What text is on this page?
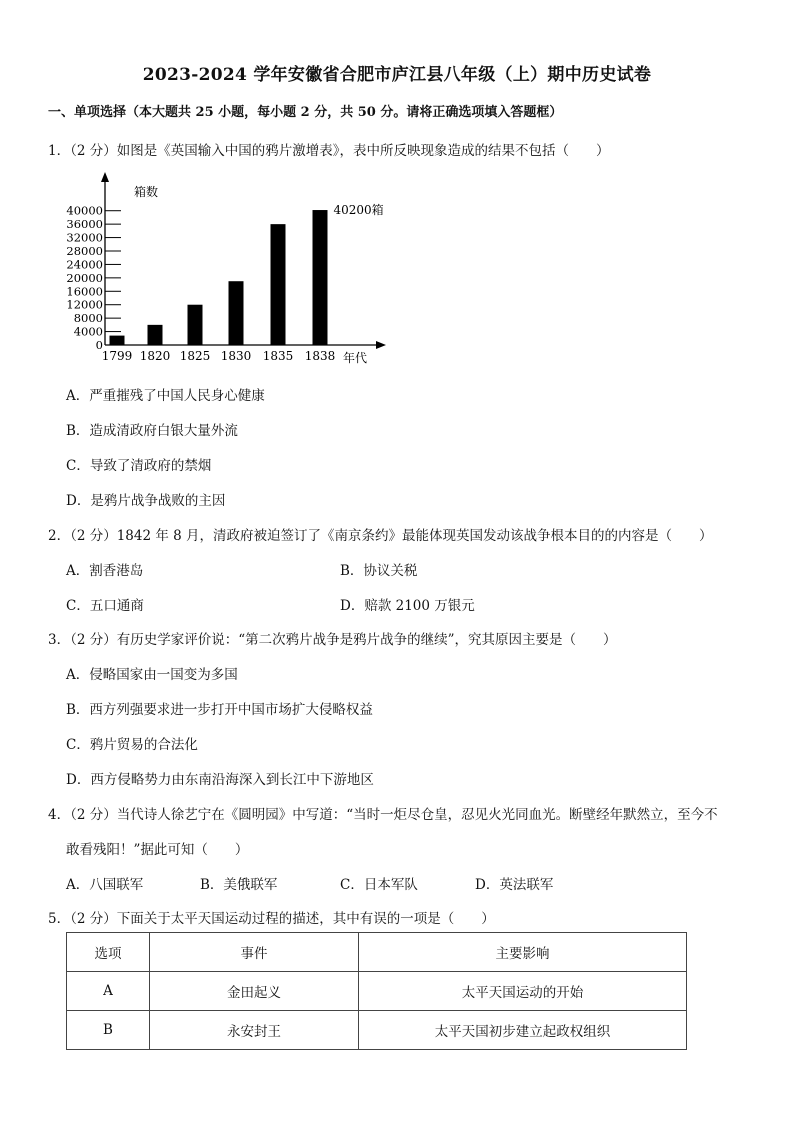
2023-2024 学年安徽省合肥市庐江县八年级（上）期中历史试卷
一、单项选择（本大题共 25 小题，每小题 2 分，共 50 分。请将正确选项填入答题框）
1．（2 分）如图是《英国输入中国的鸦片激增表》，表中所反映现象造成的结果不包括（　　）
0
4000
8000
12000
16000
20000
24000
28000
32000
36000
40000
箱数
1799 1820 1825 1830 1835 1838 年代
40200箱
A．严重摧残了中国人民身心健康
B．造成清政府白银大量外流
C．导致了清政府的禁烟
D．是鸦片战争战败的主因
2．（2 分）1842 年 8 月，清政府被迫签订了《南京条约》最能体现英国发动该战争根本目的的内容是（　　）
A．割香港岛	B．协议关税
C．五口通商	D．赔款 2100 万银元
3．（2 分）有历史学家评价说：“第二次鸦片战争是鸦片战争的继续”，究其原因主要是（　　）
A．侵略国家由一国变为多国
B．西方列强要求进一步打开中国市场扩大侵略权益
C．鸦片贸易的合法化
D．西方侵略势力由东南沿海深入到长江中下游地区
4．（2 分）当代诗人徐艺宁在《圆明园》中写道：“当时一炬尽仓皇，忍见火光同血光。断壁经年默然立，至今不
敢看残阳！”据此可知（　　）
A．八国联军	B．美俄联军	C．日本军队	D．英法联军
5．（2 分）下面关于太平天国运动过程的描述，其中有误的一项是（　　）
选项	事件	主要影响
A	金田起义	太平天国运动的开始
B	永安封王	太平天国初步建立起政权组织
